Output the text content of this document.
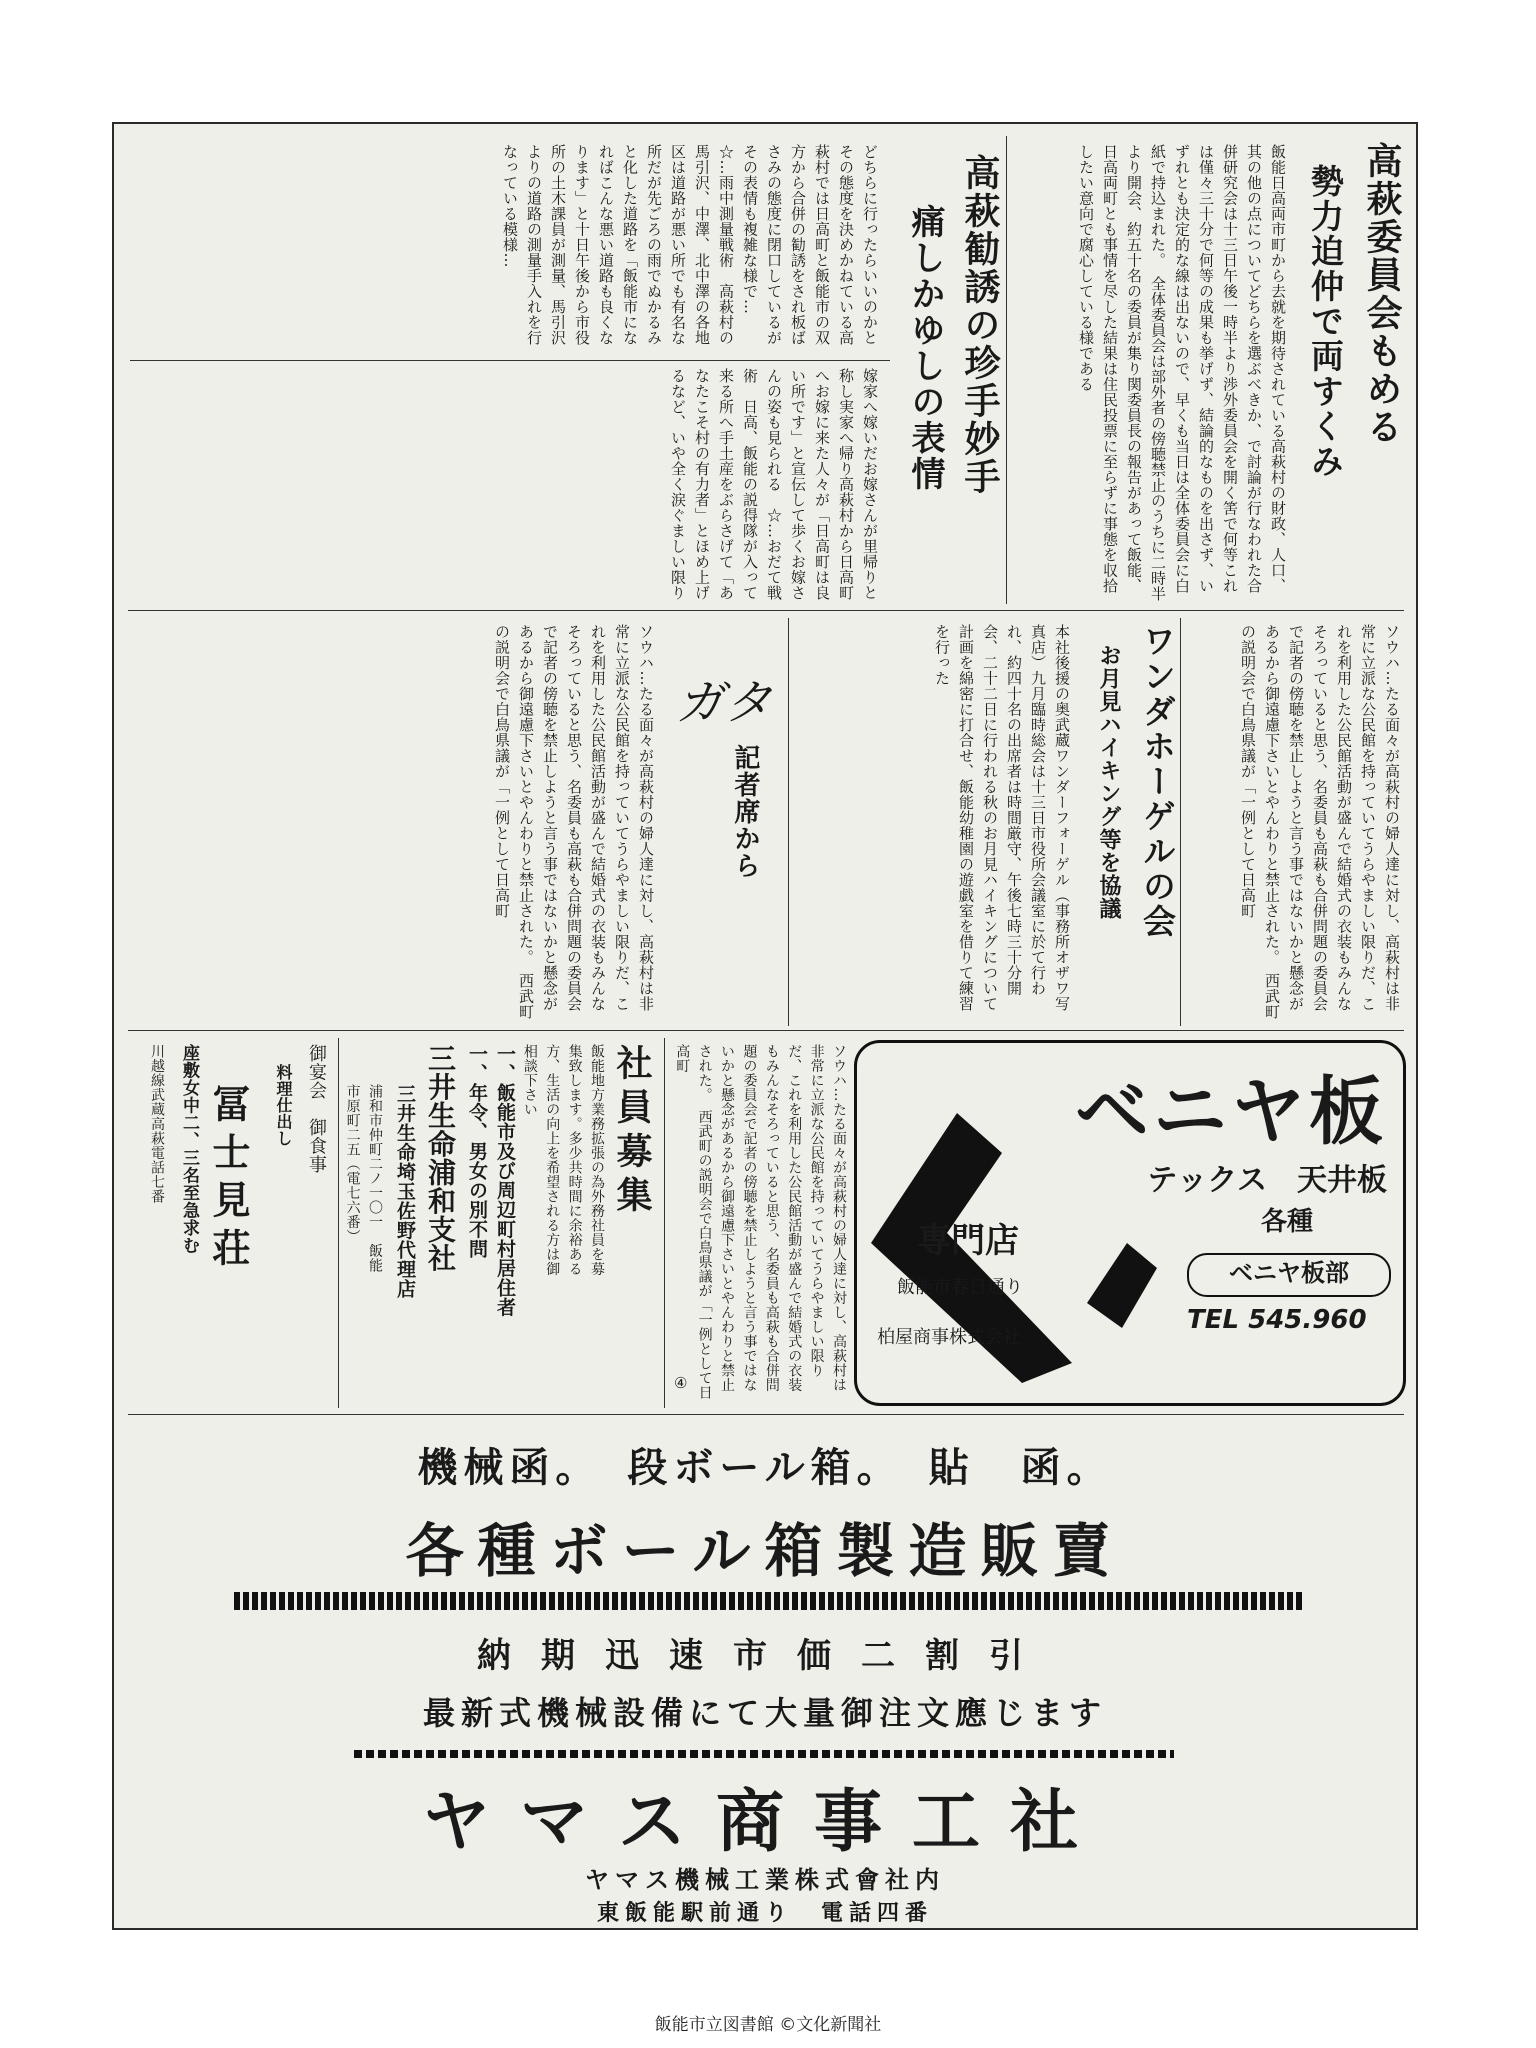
高萩委員会もめる
勢力迫仲で両すくみ
飯能日高両市町から去就を期待されている高萩村の財政、人口、其の他の点についてどちらを選ぶべきか、で討論が行なわれた合併研究会は十三日午後一時半より渉外委員会を開く筈で何等これは僅々三十分で何等の成果も挙げず、結論的なものを出さず、いずれとも決定的な線は出ないので、早くも当日は全体委員会に白紙で持込まれた。　全体委員会は部外者の傍聴禁止のうちに二時半より開会、約五十名の委員が集り関委員長の報告があって飯能、日高両町とも事情を尽した結果は住民投票に至らずに事態を収拾したい意向で腐心している様である
高萩勧誘の珍手妙手
痛しかゆしの表情
どちらに行ったらいいのかとその態度を決めかねている高萩村では日高町と飯能市の双方から合併の勧誘をされ板ばさみの態度に閉口しているがその表情も複雑な様で…　☆…雨中測量戦術　高萩村の馬引沢、中澤、北中澤の各地区は道路が悪い所でも有名な所だが先ごろの雨でぬかるみと化した道路を「飯能市になればこんな悪い道路も良くなります」と十日午後から市役所の土木課員が測量、馬引沢よりの道路の測量手入れを行なっている模様…
嫁家へ嫁いだお嫁さんが里帰りと称し実家へ帰り高萩村から日高町へお嫁に来た人々が「日高町は良い所です」と宣伝して歩くお嫁さんの姿も見られる　☆…おだて戦術　日高、飯能の説得隊が入って来る所へ手土産をぶらさげて「あなたこそ村の有力者」とほめ上げるなど、いや全く涙ぐましい限り
ワンダホーゲルの会
お月見ハイキング等を協議
本社後援の奥武蔵ワンダーフォーゲル（事務所オザワ写真店）九月臨時総会は十三日市役所会議室に於て行われ、約四十名の出席者は時間厳守、午後七時三十分開会、二十二日に行われる秋のお月見ハイキングについて計画を綿密に打合せ、飯能幼稚園の遊戯室を借りて練習を行った	ソウハ…たる面々が高萩村の婦人達に対し、高萩村は非常に立派な公民館を持っていてうらやましい限りだ、これを利用した公民館活動が盛んで結婚式の衣装もみんなそろっていると思う、名委員も高萩も合併問題の委員会で記者の傍聴を禁止しようと言う事ではないかと懸念があるから御遠慮下さいとやんわりと禁止された。　西武町の説明会で白鳥県議が「一例として日高町
ガタ
記者席から
ソウハ…たる面々が高萩村の婦人達に対し、高萩村は非常に立派な公民館を持っていてうらやましい限りだ、これを利用した公民館活動が盛んで結婚式の衣装もみんなそろっていると思う、名委員も高萩も合併問題の委員会で記者の傍聴を禁止しようと言う事ではないかと懸念があるから御遠慮下さいとやんわりと禁止された。　西武町の説明会で白鳥県議が「一例として日高町
川越線武蔵高萩電話七番 座敷女中二、三名至急求む 冨士見荘	料理仕出し 御宴会　御食事	浦和市仲町二ノ一〇一　飯能市原町二五（電七六番）	三井生命埼玉佐野代理店 三井生命浦和支社 一、年令、男女の別不問 一、飯能市及び周辺町村居住者	飯能地方業務拡張の為外務社員を募集致します。多少共時間に余裕ある方、生活の向上を希望される方は御相談下さい	社員募集	ソウハ…たる面々が高萩村の婦人達に対し、高萩村は非常に立派な公民館を持っていてうらやましい限りだ、これを利用した公民館活動が盛んで結婚式の衣装もみんなそろっていると思う、名委員も高萩も合併問題の委員会で記者の傍聴を禁止しようと言う事ではないかと懸念があるから御遠慮下さいとやんわりと禁止された。　西武町の説明会で白鳥県議が「一例として日高町
④
ベニヤ板
テックス　天井板
各種
専門店
ベニヤ板部
飯能市春日通り
TEL 545.960
柏屋商事株式会社
機械函。　段ボール箱。　貼　函。
各種ボール箱製造販賣
納期迅速市価二割引
最新式機械設備にて大量御注文應じます
ヤマス商事工社
ヤマス機械工業株式會社内
東飯能駅前通り　電話四番
飯能市立図書館 ©文化新聞社
